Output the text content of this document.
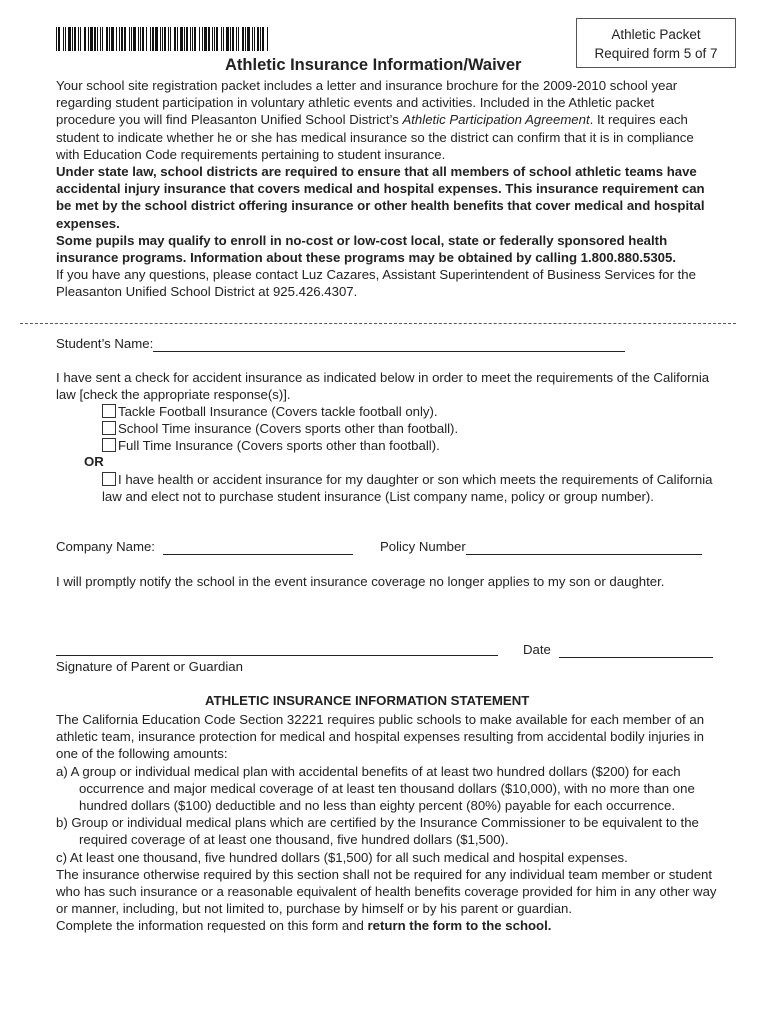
Athletic Packet
Required form 5 of 7
Athletic Insurance Information/Waiver

Your school site registration packet includes a letter and insurance brochure for the 2009-2010 school year regarding student participation in voluntary athletic events and activities. Included in the Athletic packet procedure you will find Pleasanton Unified School District’s Athletic Participation Agreement. It requires each student to indicate whether he or she has medical insurance so the district can confirm that it is in compliance with Education Code requirements pertaining to student insurance.

Under state law, school districts are required to ensure that all members of school athletic teams have accidental injury insurance that covers medical and hospital expenses. This insurance requirement can be met by the school district offering insurance or other health benefits that cover medical and hospital expenses.

Some pupils may qualify to enroll in no-cost or low-cost local, state or federally sponsored health insurance programs. Information about these programs may be obtained by calling 1.800.880.5305.

If you have any questions, please contact Luz Cazares, Assistant Superintendent of Business Services for the Pleasanton Unified School District at 925.426.4307.

Student’s Name:
I have sent a check for accident insurance as indicated below in order to meet the requirements of the California law [check the appropriate response(s)].
Tackle Football Insurance (Covers tackle football only).
School Time insurance (Covers sports other than football).
Full Time Insurance (Covers sports other than football).
OR
I have health or accident insurance for my daughter or son which meets the requirements of California law and elect not to purchase student insurance (List company name, policy or group number).
Company Name:	Policy Number
I will promptly notify the school in the event insurance coverage no longer applies to my son or daughter.
Date
Signature of Parent or Guardian
ATHLETIC INSURANCE INFORMATION STATEMENT

The California Education Code Section 32221 requires public schools to make available for each member of an athletic team, insurance protection for medical and hospital expenses resulting from accidental bodily injuries in one of the following amounts:

a) A group or individual medical plan with accidental benefits of at least two hundred dollars ($200) for each occurrence and major medical coverage of at least ten thousand dollars ($10,000), with no more than one hundred dollars ($100) deductible and no less than eighty percent (80%) payable for each occurrence.

b) Group or individual medical plans which are certified by the Insurance Commissioner to be equivalent to the required coverage of at least one thousand, five hundred dollars ($1,500).

c) At least one thousand, five hundred dollars ($1,500) for all such medical and hospital expenses.

The insurance otherwise required by this section shall not be required for any individual team member or student who has such insurance or a reasonable equivalent of health benefits coverage provided for him in any other way or manner, including, but not limited to, purchase by himself or by his parent or guardian.

Complete the information requested on this form and return the form to the school.
